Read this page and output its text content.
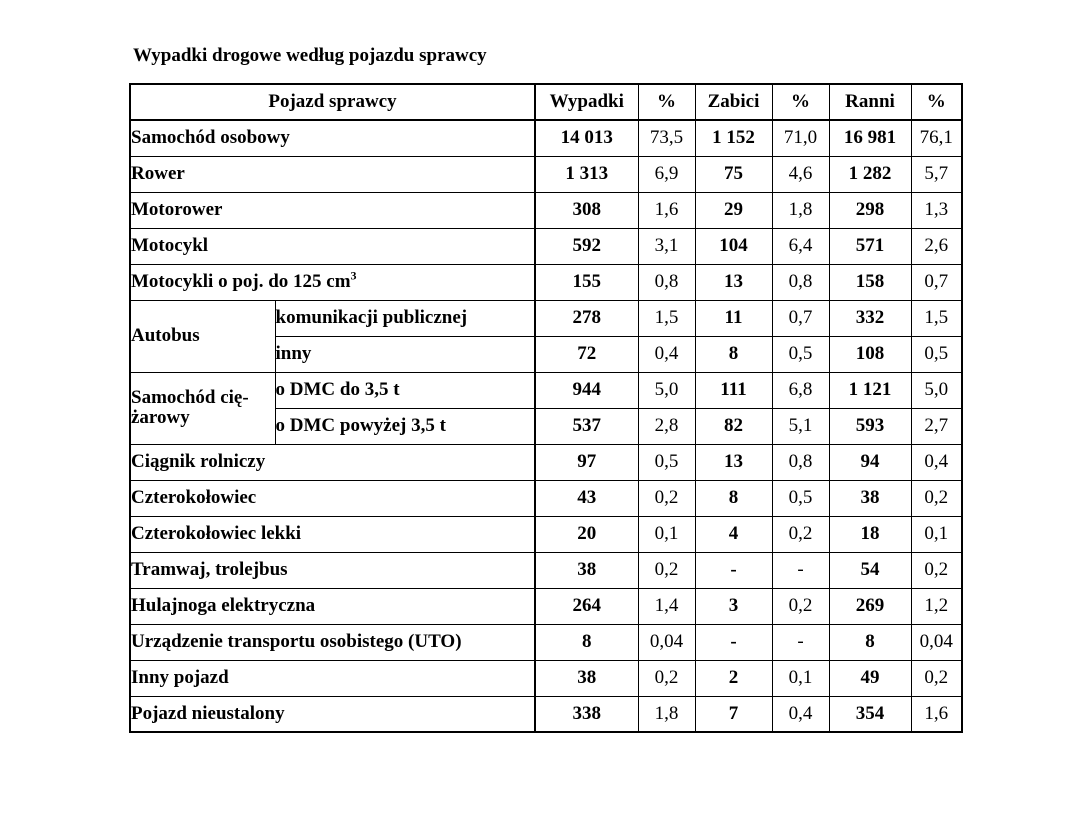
Wypadki drogowe według pojazdu sprawcy
Pojazd sprawcy		Wypadki	%	Zabici	%	Ranni	%
Samochód osobowy		14 013	73,5	1 152	71,0	16 981	76,1
Rower		1 313	6,9	75	4,6	1 282	5,7
Motorower		308	1,6	29	1,8	298	1,3
Motocykl		592	3,1	104	6,4	571	2,6
Motocykli o poj. do 125 $cm^3$		155	0,8	13	0,8	158	0,7
Autobus	komunikacji publicznej	278	1,5	11	0,7	332	1,5
	inny	72	0,4	8	0,5	108	0,5
Samochód cię-żarowy	o DMC do 3,5 t	944	5,0	111	6,8	1 121	5,0
	o DMC powyżej 3,5 t	537	2,8	82	5,1	593	2,7
Ciągnik rolniczy		97	0,5	13	0,8	94	0,4
Czterokołowiec		43	0,2	8	0,5	38	0,2
Czterokołowiec lekki		20	0,1	4	0,2	18	0,1
Tramwaj, trolejbus		38	0,2	-	-	54	0,2
Hulajnoga elektryczna		264	1,4	3	0,2	269	1,2
Urządzenie transportu osobistego (UTO)		8	0,04	-	-	8	0,04
Inny pojazd		38	0,2	2	0,1	49	0,2
Pojazd nieustalony		338	1,8	7	0,4	354	1,6
